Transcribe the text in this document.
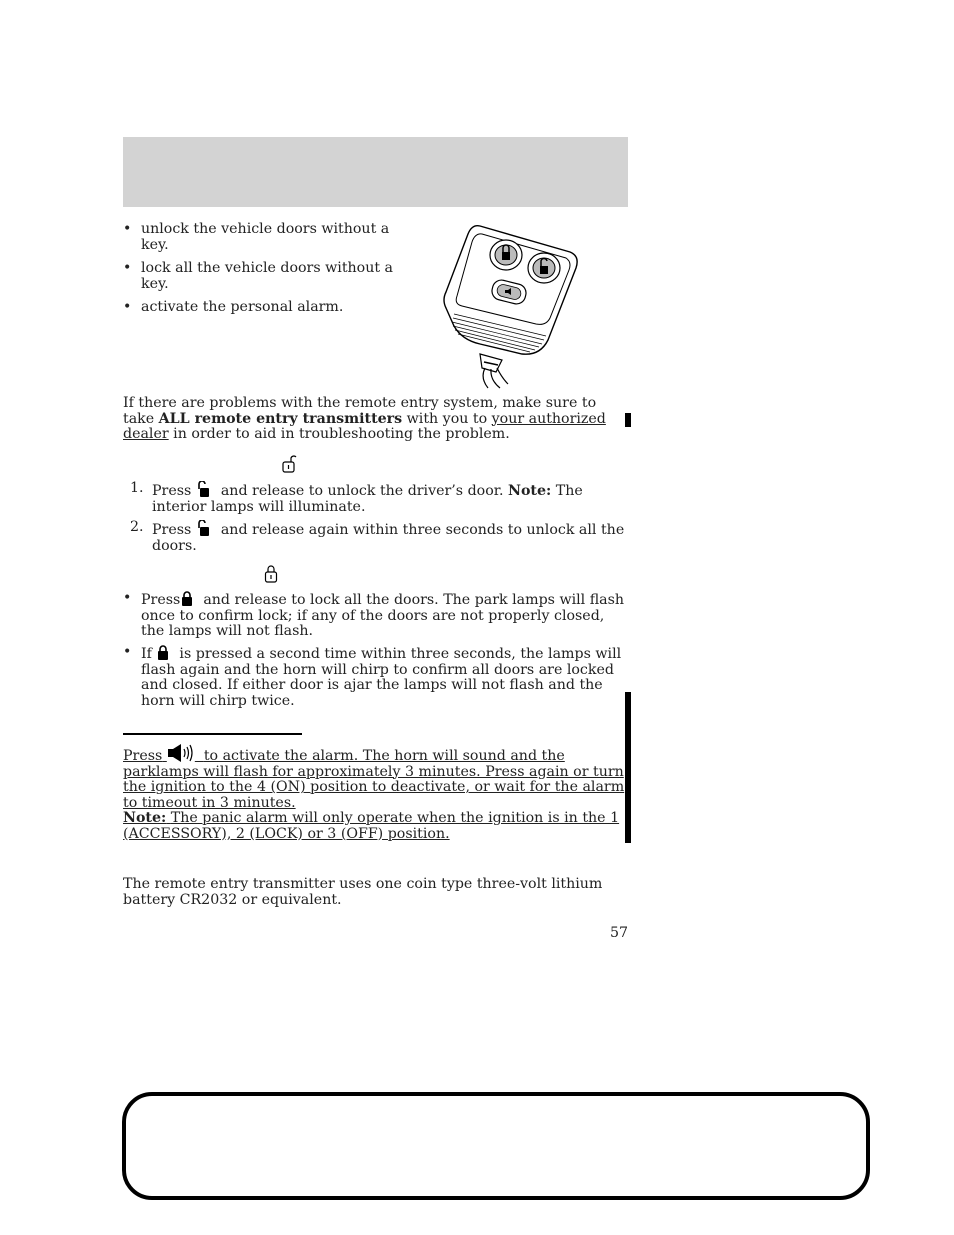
• unlock the vehicle doors without a key.
• lock all the vehicle doors without a key.
• activate the personal alarm.
If there are problems with the remote entry system, make sure to take ALL remote entry transmitters with you to your authorized dealer in order to aid in troubleshooting the problem.
1. Press and release to unlock the driver’s door. Note: The interior lamps will illuminate.
2. Press and release again within three seconds to unlock all the doors.
• Press and release to lock all the doors. The park lamps will flash once to confirm lock; if any of the doors are not properly closed, the lamps will not flash.
• If is pressed a second time within three seconds, the lamps will flash again and the horn will chirp to confirm all doors are locked and closed. If either door is ajar the lamps will not flash and the horn will chirp twice.
Press	to activate the alarm. The horn will sound and the parklamps will flash for approximately 3 minutes. Press again or turn the ignition to the 4 (ON) position to deactivate, or wait for the alarm to timeout in 3 minutes.
Note: The panic alarm will only operate when the ignition is in the 1 (ACCESSORY), 2 (LOCK) or 3 (OFF) position.
The remote entry transmitter uses one coin type three-volt lithium battery CR2032 or equivalent.
57
